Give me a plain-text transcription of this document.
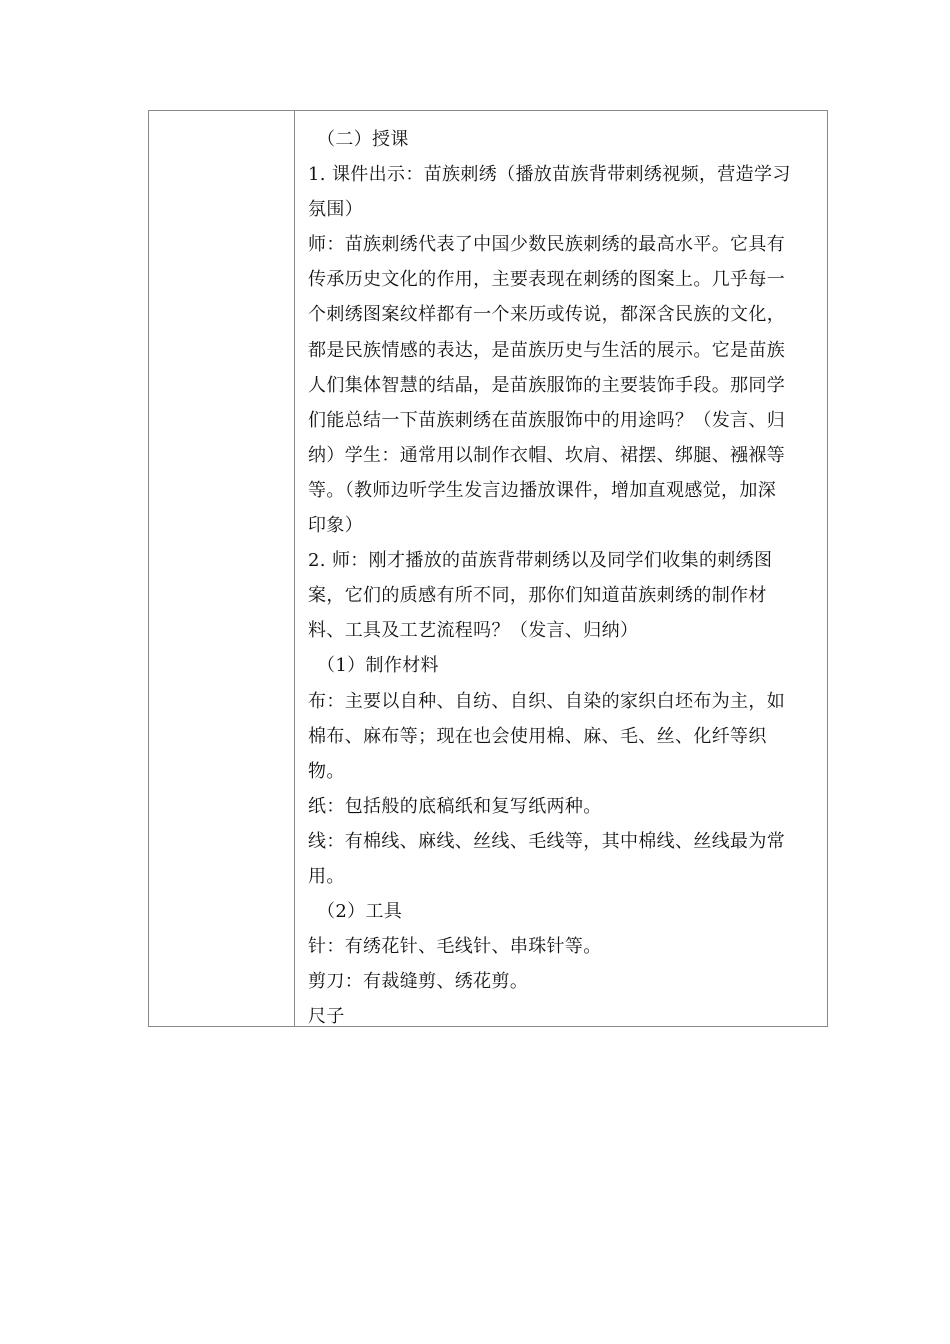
（二）授课
1. 课件出示：苗族刺绣（播放苗族背带刺绣视频，营造学习
氛围）
师：苗族刺绣代表了中国少数民族刺绣的最高水平。它具有
传承历史文化的作用，主要表现在刺绣的图案上。几乎每一
个刺绣图案纹样都有一个来历或传说，都深含民族的文化，
都是民族情感的表达，是苗族历史与生活的展示。它是苗族
人们集体智慧的结晶，是苗族服饰的主要装饰手段。那同学
们能总结一下苗族刺绣在苗族服饰中的用途吗？（发言、归
纳）学生：通常用以制作衣帽、坎肩、裙摆、绑腿、襁褓等
等。（教师边听学生发言边播放课件，增加直观感觉，加深
印象）
2. 师：刚才播放的苗族背带刺绣以及同学们收集的刺绣图
案，它们的质感有所不同，那你们知道苗族刺绣的制作材
料、工具及工艺流程吗？（发言、归纳）
（1）制作材料
布：主要以自种、自纺、自织、自染的家织白坯布为主，如
棉布、麻布等；现在也会使用棉、麻、毛、丝、化纤等织
物。
纸：包括般的底稿纸和复写纸两种。
线：有棉线、麻线、丝线、毛线等，其中棉线、丝线最为常
用。
（2）工具
针：有绣花针、毛线针、串珠针等。
剪刀：有裁缝剪、绣花剪。
尺子
